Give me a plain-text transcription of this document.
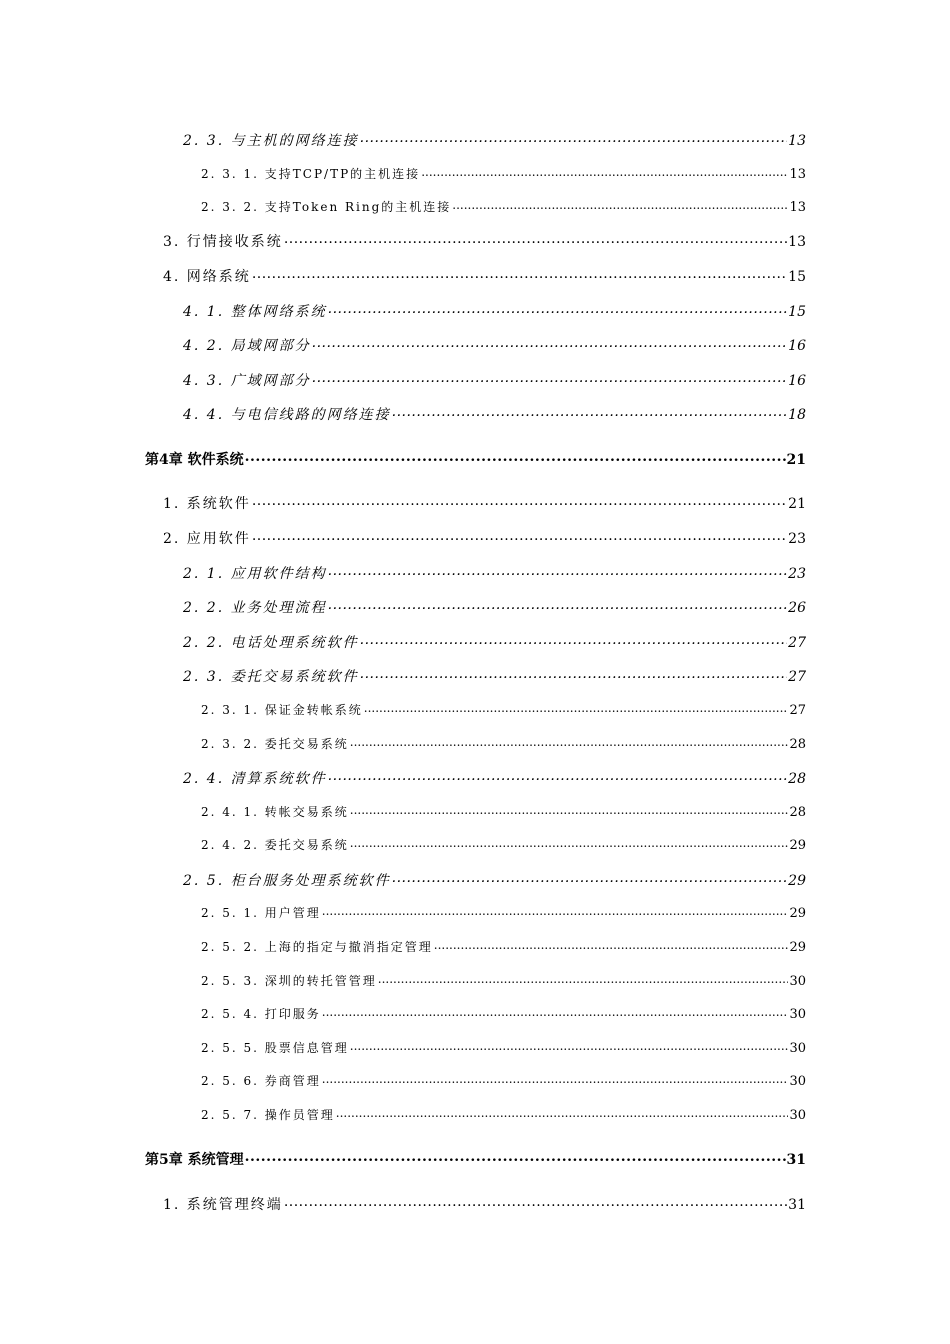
2. 3. 与主机的网络连接 .....	13
2. 3. 1. 支持TCP/TP的主机连接 .....	13
2. 3. 2. 支持Token Ring的主机连接 .....	13
3. 行情接收系统 .....	13
4. 网络系统 .....	15
4. 1. 整体网络系统 .....	15
4. 2. 局域网部分 .....	16
4. 3. 广域网部分 .....	16
4. 4. 与电信线路的网络连接 .....	18
第4章 软件系统 .....	21
1. 系统软件 .....	21
2. 应用软件 .....	23
2. 1. 应用软件结构 .....	23
2. 2. 业务处理流程 .....	26
2. 2. 电话处理系统软件 .....	27
2. 3. 委托交易系统软件 .....	27
2. 3. 1. 保证金转帐系统 .....	27
2. 3. 2. 委托交易系统 .....	28
2. 4. 清算系统软件 .....	28
2. 4. 1. 转帐交易系统 .....	28
2. 4. 2. 委托交易系统 .....	29
2. 5. 柜台服务处理系统软件 .....	29
2. 5. 1. 用户管理 .....	29
2. 5. 2. 上海的指定与撤消指定管理 .....	29
2. 5. 3. 深圳的转托管管理 .....	30
2. 5. 4. 打印服务 .....	30
2. 5. 5. 股票信息管理 .....	30
2. 5. 6. 券商管理 .....	30
2. 5. 7. 操作员管理 .....	30
第5章 系统管理 .....	31
1. 系统管理终端 .....	31
